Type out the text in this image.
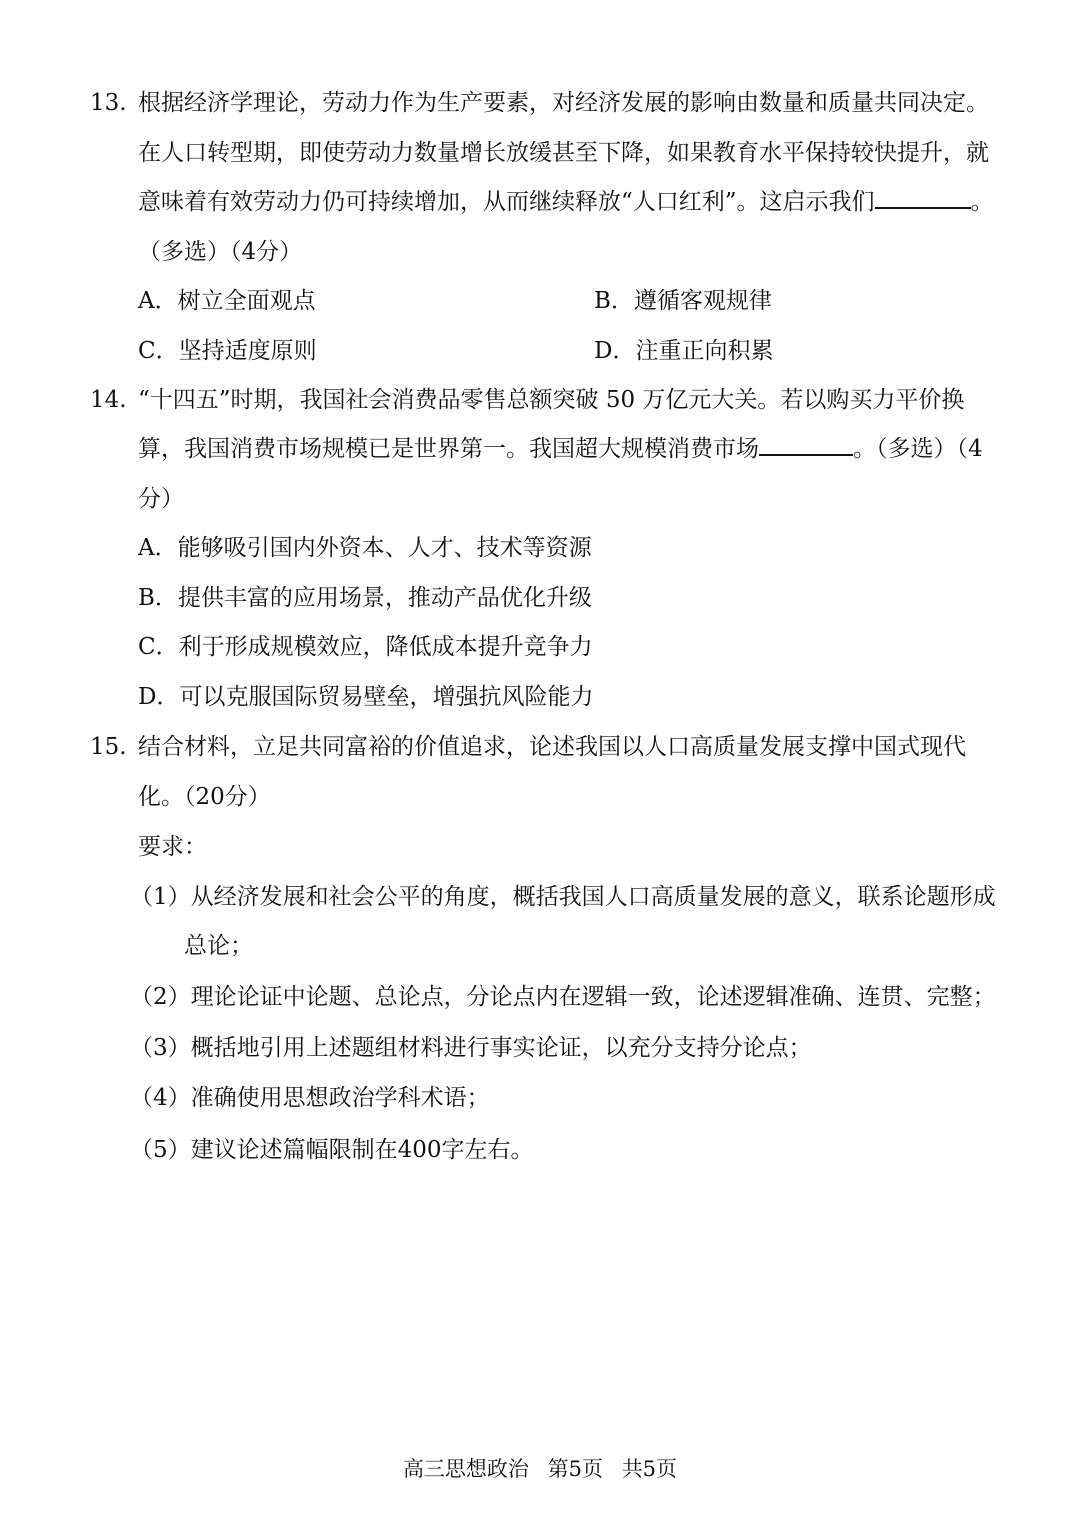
13. 根据经济学理论，劳动力作为生产要素，对经济发展的影响由数量和质量共同决定。
在人口转型期，即使劳动力数量增长放缓甚至下降，如果教育水平保持较快提升，就
意味着有效劳动力仍可持续增加，从而继续释放“人口红利”。这启示我们	。
（多选）（4分）
A．树立全面观点	B．遵循客观规律
C．坚持适度原则	D．注重正向积累
14. “十四五”时期，我国社会消费品零售总额突破 50 万亿元大关。若以购买力平价换
算，我国消费市场规模已是世界第一。我国超大规模消费市场	。（多选）（4
分）
A．能够吸引国内外资本、人才、技术等资源
B．提供丰富的应用场景，推动产品优化升级
C．利于形成规模效应，降低成本提升竞争力
D．可以克服国际贸易壁垒，增强抗风险能力
15. 结合材料，立足共同富裕的价值追求，论述我国以人口高质量发展支撑中国式现代
化。（20分）
要求：
（1）从经济发展和社会公平的角度，概括我国人口高质量发展的意义，联系论题形成
总论；
（2）理论论证中论题、总论点，分论点内在逻辑一致，论述逻辑准确、连贯、完整；
（3）概括地引用上述题组材料进行事实论证，以充分支持分论点；
（4）准确使用思想政治学科术语；
（5）建议论述篇幅限制在400字左右。
高三思想政治 第5页 共5页
